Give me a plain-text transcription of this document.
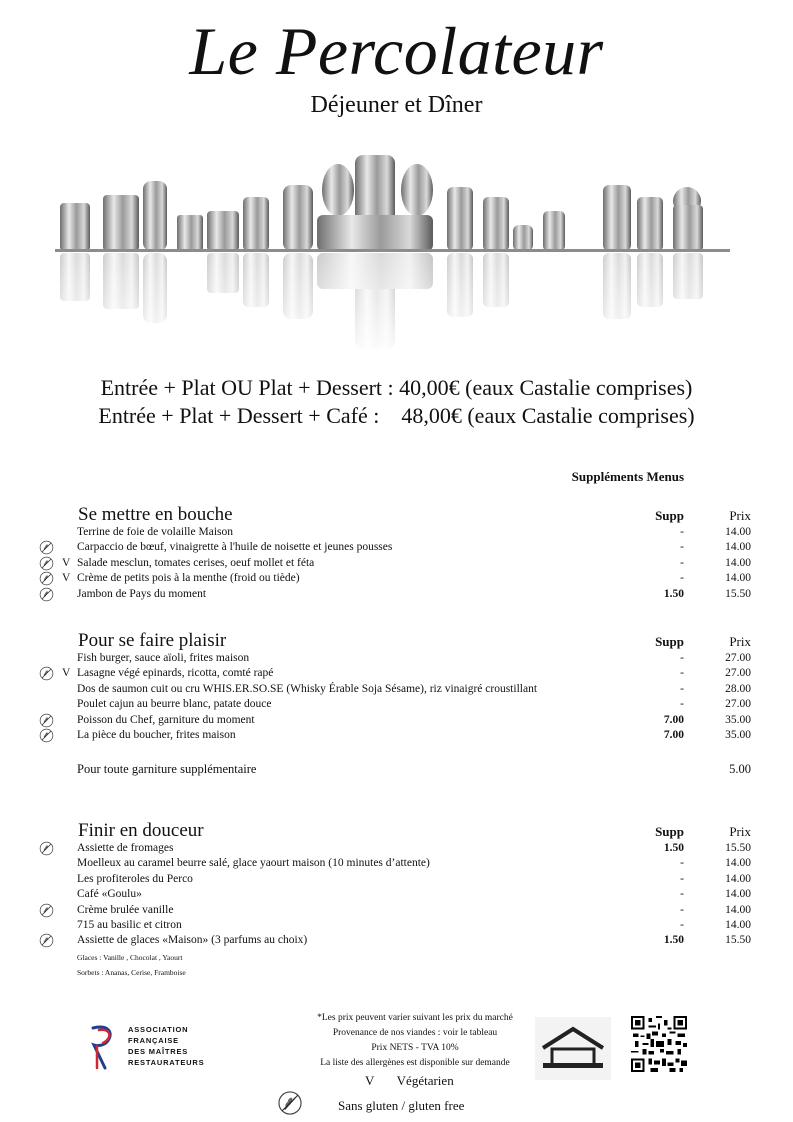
Le Percolateur
Déjeuner et Dîner
Entrée + Plat OU Plat + Dessert : 40,00€ (eaux Castalie comprises)
Entrée + Plat + Dessert + Café :    48,00€ (eaux Castalie comprises)
Suppléments Menus
Se mettre en bouche	Supp	Prix
Terrine de foie de volaille Maison	-	14.00
Carpaccio de bœuf, vinaigrette à l'huile de noisette et jeunes pousses	-	14.00
V Salade mesclun, tomates cerises, oeuf mollet et féta	-	14.00
V Crème de petits pois à la menthe (froid ou tiède)	-	14.00
Jambon de Pays du moment	1.50	15.50
Pour se faire plaisir	Supp	Prix
Fish burger, sauce aïoli, frites maison	-	27.00
V Lasagne végé epinards, ricotta, comté rapé	-	27.00
Dos de saumon cuit ou cru WHIS.ER.SO.SE (Whisky Érable Soja Sésame), riz vinaigré croustillant	-	28.00
Poulet cajun au beurre blanc, patate douce	-	27.00
Poisson du Chef, garniture du moment	7.00	35.00
La pièce du boucher, frites maison	7.00	35.00
Pour toute garniture supplémentaire	5.00
Finir en douceur	Supp	Prix
Assiette de fromages	1.50	15.50
Moelleux au caramel beurre salé, glace yaourt maison (10 minutes d’attente)	-	14.00
Les profiteroles du Perco	-	14.00
Café «Goulu»	-	14.00
Crème brulée vanille	-	14.00
715 au basilic et citron	-	14.00
Assiette de glaces «Maison» (3 parfums au choix)	1.50	15.50
Glaces : Vanille , Chocolat , Yaourt
Sorbets : Ananas, Cerise, Framboise
ASSOCIATION
FRANÇAISE
DES MAÎTRES
RESTAURATEURS
*Les prix peuvent varier suivant les prix du marché
Provenance de nos viandes : voir le tableau
Prix NETS - TVA 10%
La liste des allergènes est disponible sur demande
V       Végétarien
Sans gluten / gluten free
